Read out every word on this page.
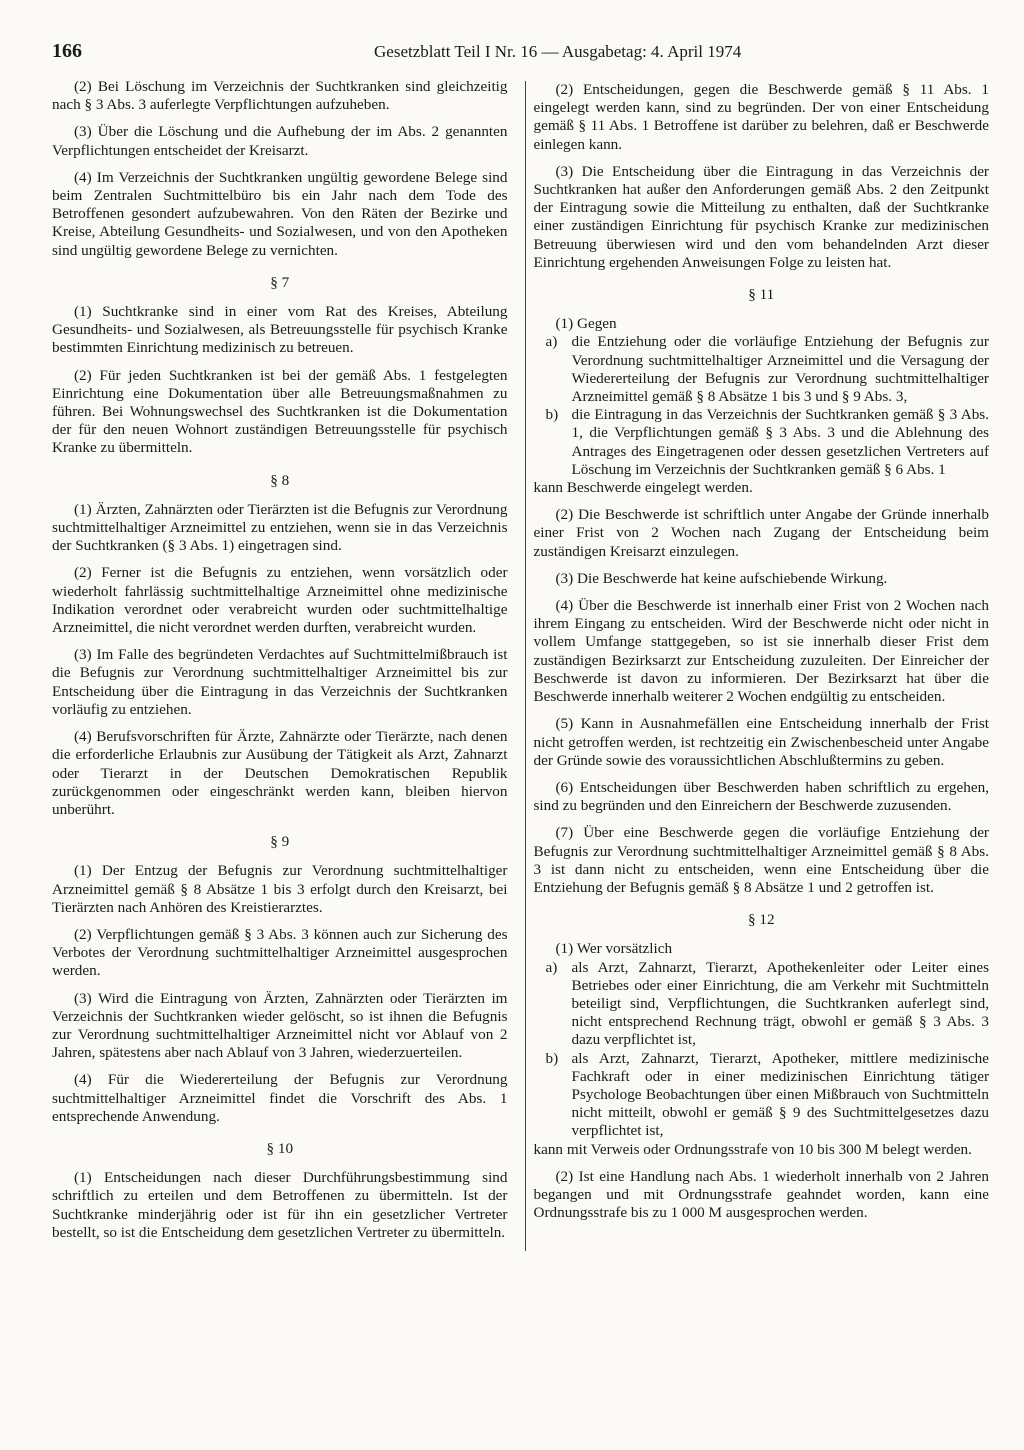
166	Gesetzblatt Teil I Nr. 16 — Ausgabetag: 4. April 1974

(2) Bei Löschung im Verzeichnis der Suchtkranken sind gleichzeitig nach § 3 Abs. 3 auferlegte Verpflichtungen aufzuheben.

(3) Über die Löschung und die Aufhebung der im Abs. 2 genannten Verpflichtungen entscheidet der Kreisarzt.

(4) Im Verzeichnis der Suchtkranken ungültig gewordene Belege sind beim Zentralen Suchtmittelbüro bis ein Jahr nach dem Tode des Betroffenen gesondert aufzubewahren. Von den Räten der Bezirke und Kreise, Abteilung Gesundheits- und Sozialwesen, und von den Apotheken sind ungültig gewordene Belege zu vernichten.

§ 7

(1) Suchtkranke sind in einer vom Rat des Kreises, Abteilung Gesundheits- und Sozialwesen, als Betreuungsstelle für psychisch Kranke bestimmten Einrichtung medizinisch zu betreuen.

(2) Für jeden Suchtkranken ist bei der gemäß Abs. 1 festgelegten Einrichtung eine Dokumentation über alle Betreuungsmaßnahmen zu führen. Bei Wohnungswechsel des Suchtkranken ist die Dokumentation der für den neuen Wohnort zuständigen Betreuungsstelle für psychisch Kranke zu übermitteln.

§ 8

(1) Ärzten, Zahnärzten oder Tierärzten ist die Befugnis zur Verordnung suchtmittelhaltiger Arzneimittel zu entziehen, wenn sie in das Verzeichnis der Suchtkranken (§ 3 Abs. 1) eingetragen sind.

(2) Ferner ist die Befugnis zu entziehen, wenn vorsätzlich oder wiederholt fahrlässig suchtmittelhaltige Arzneimittel ohne medizinische Indikation verordnet oder verabreicht wurden oder suchtmittelhaltige Arzneimittel, die nicht verordnet werden durften, verabreicht wurden.

(3) Im Falle des begründeten Verdachtes auf Suchtmittelmißbrauch ist die Befugnis zur Verordnung suchtmittelhaltiger Arzneimittel bis zur Entscheidung über die Eintragung in das Verzeichnis der Suchtkranken vorläufig zu entziehen.

(4) Berufsvorschriften für Ärzte, Zahnärzte oder Tierärzte, nach denen die erforderliche Erlaubnis zur Ausübung der Tätigkeit als Arzt, Zahnarzt oder Tierarzt in der Deutschen Demokratischen Republik zurückgenommen oder eingeschränkt werden kann, bleiben hiervon unberührt.

§ 9

(1) Der Entzug der Befugnis zur Verordnung suchtmittelhaltiger Arzneimittel gemäß § 8 Absätze 1 bis 3 erfolgt durch den Kreisarzt, bei Tierärzten nach Anhören des Kreistierarztes.

(2) Verpflichtungen gemäß § 3 Abs. 3 können auch zur Sicherung des Verbotes der Verordnung suchtmittelhaltiger Arzneimittel ausgesprochen werden.

(3) Wird die Eintragung von Ärzten, Zahnärzten oder Tierärzten im Verzeichnis der Suchtkranken wieder gelöscht, so ist ihnen die Befugnis zur Verordnung suchtmittelhaltiger Arzneimittel nicht vor Ablauf von 2 Jahren, spätestens aber nach Ablauf von 3 Jahren, wiederzuerteilen.

(4) Für die Wiedererteilung der Befugnis zur Verordnung suchtmittelhaltiger Arzneimittel findet die Vorschrift des Abs. 1 entsprechende Anwendung.

§ 10

(1) Entscheidungen nach dieser Durchführungsbestimmung sind schriftlich zu erteilen und dem Betroffenen zu übermitteln. Ist der Suchtkranke minderjährig oder ist für ihn ein gesetzlicher Vertreter bestellt, so ist die Entscheidung dem gesetzlichen Vertreter zu übermitteln.

(2) Entscheidungen, gegen die Beschwerde gemäß § 11 Abs. 1 eingelegt werden kann, sind zu begründen. Der von einer Entscheidung gemäß § 11 Abs. 1 Betroffene ist darüber zu belehren, daß er Beschwerde einlegen kann.

(3) Die Entscheidung über die Eintragung in das Verzeichnis der Suchtkranken hat außer den Anforderungen gemäß Abs. 2 den Zeitpunkt der Eintragung sowie die Mitteilung zu enthalten, daß der Suchtkranke einer zuständigen Einrichtung für psychisch Kranke zur medizinischen Betreuung überwiesen wird und den vom behandelnden Arzt dieser Einrichtung ergehenden Anweisungen Folge zu leisten hat.

§ 11

(1) Gegen

a) die Entziehung oder die vorläufige Entziehung der Befugnis zur Verordnung suchtmittelhaltiger Arzneimittel und die Versagung der Wiedererteilung der Befugnis zur Verordnung suchtmittelhaltiger Arzneimittel gemäß § 8 Absätze 1 bis 3 und § 9 Abs. 3,
b) die Eintragung in das Verzeichnis der Suchtkranken gemäß § 3 Abs. 1, die Verpflichtungen gemäß § 3 Abs. 3 und die Ablehnung des Antrages des Eingetragenen oder dessen gesetzlichen Vertreters auf Löschung im Verzeichnis der Suchtkranken gemäß § 6 Abs. 1

kann Beschwerde eingelegt werden.

(2) Die Beschwerde ist schriftlich unter Angabe der Gründe innerhalb einer Frist von 2 Wochen nach Zugang der Entscheidung beim zuständigen Kreisarzt einzulegen.

(3) Die Beschwerde hat keine aufschiebende Wirkung.

(4) Über die Beschwerde ist innerhalb einer Frist von 2 Wochen nach ihrem Eingang zu entscheiden. Wird der Beschwerde nicht oder nicht in vollem Umfange stattgegeben, so ist sie innerhalb dieser Frist dem zuständigen Bezirksarzt zur Entscheidung zuzuleiten. Der Einreicher der Beschwerde ist davon zu informieren. Der Bezirksarzt hat über die Beschwerde innerhalb weiterer 2 Wochen endgültig zu entscheiden.

(5) Kann in Ausnahmefällen eine Entscheidung innerhalb der Frist nicht getroffen werden, ist rechtzeitig ein Zwischenbescheid unter Angabe der Gründe sowie des voraussichtlichen Abschlußtermins zu geben.

(6) Entscheidungen über Beschwerden haben schriftlich zu ergehen, sind zu begründen und den Einreichern der Beschwerde zuzusenden.

(7) Über eine Beschwerde gegen die vorläufige Entziehung der Befugnis zur Verordnung suchtmittelhaltiger Arzneimittel gemäß § 8 Abs. 3 ist dann nicht zu entscheiden, wenn eine Entscheidung über die Entziehung der Befugnis gemäß § 8 Absätze 1 und 2 getroffen ist.

§ 12

(1) Wer vorsätzlich

a) als Arzt, Zahnarzt, Tierarzt, Apothekenleiter oder Leiter eines Betriebes oder einer Einrichtung, die am Verkehr mit Suchtmitteln beteiligt sind, Verpflichtungen, die Suchtkranken auferlegt sind, nicht entsprechend Rechnung trägt, obwohl er gemäß § 3 Abs. 3 dazu verpflichtet ist,
b) als Arzt, Zahnarzt, Tierarzt, Apotheker, mittlere medizinische Fachkraft oder in einer medizinischen Einrichtung tätiger Psychologe Beobachtungen über einen Mißbrauch von Suchtmitteln nicht mitteilt, obwohl er gemäß § 9 des Suchtmittelgesetzes dazu verpflichtet ist,

kann mit Verweis oder Ordnungsstrafe von 10 bis 300 M belegt werden.

(2) Ist eine Handlung nach Abs. 1 wiederholt innerhalb von 2 Jahren begangen und mit Ordnungsstrafe geahndet worden, kann eine Ordnungsstrafe bis zu 1 000 M ausgesprochen werden.
